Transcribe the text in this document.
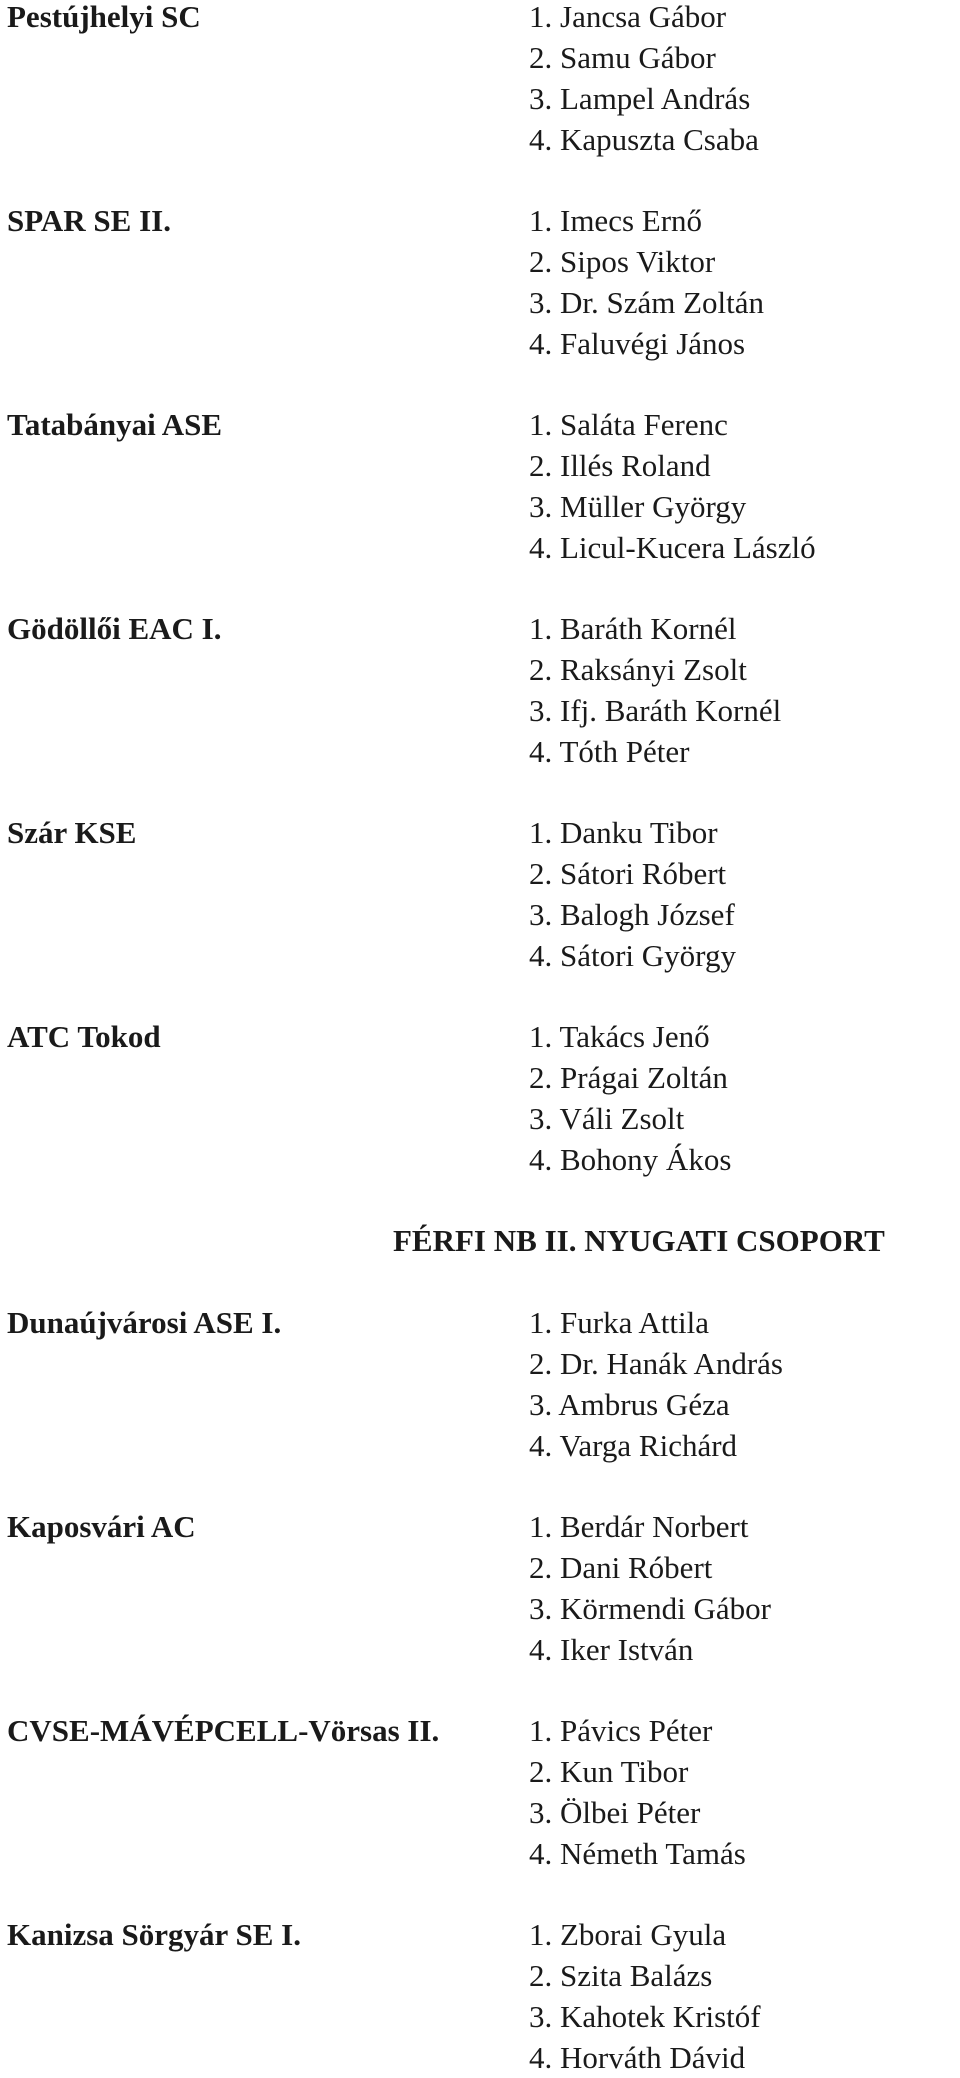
Pestújhelyi SC	1. Jancsa Gábor
2. Samu Gábor
3. Lampel András
4. Kapuszta Csaba
SPAR SE II.	1. Imecs Ernő
2. Sipos Viktor
3. Dr. Szám Zoltán
4. Faluvégi János
Tatabányai ASE	1. Saláta Ferenc
2. Illés Roland
3. Müller György
4. Licul-Kucera László
Gödöllői EAC I.	1. Baráth Kornél
2. Raksányi Zsolt
3. Ifj. Baráth Kornél
4. Tóth Péter
Szár KSE	1. Danku Tibor
2. Sátori Róbert
3. Balogh József
4. Sátori György
ATC Tokod	1. Takács Jenő
2. Prágai Zoltán
3. Váli Zsolt
4. Bohony Ákos
FÉRFI NB II. NYUGATI CSOPORT
Dunaújvárosi ASE I.	1. Furka Attila
2. Dr. Hanák András
3. Ambrus Géza
4. Varga Richárd
Kaposvári AC	1. Berdár Norbert
2. Dani Róbert
3. Körmendi Gábor
4. Iker István
CVSE-MÁVÉPCELL-Vörsas II.	1. Pávics Péter
2. Kun Tibor
3. Ölbei Péter
4. Németh Tamás
Kanizsa Sörgyár SE I.	1. Zborai Gyula
2. Szita Balázs
3. Kahotek Kristóf
4. Horváth Dávid
